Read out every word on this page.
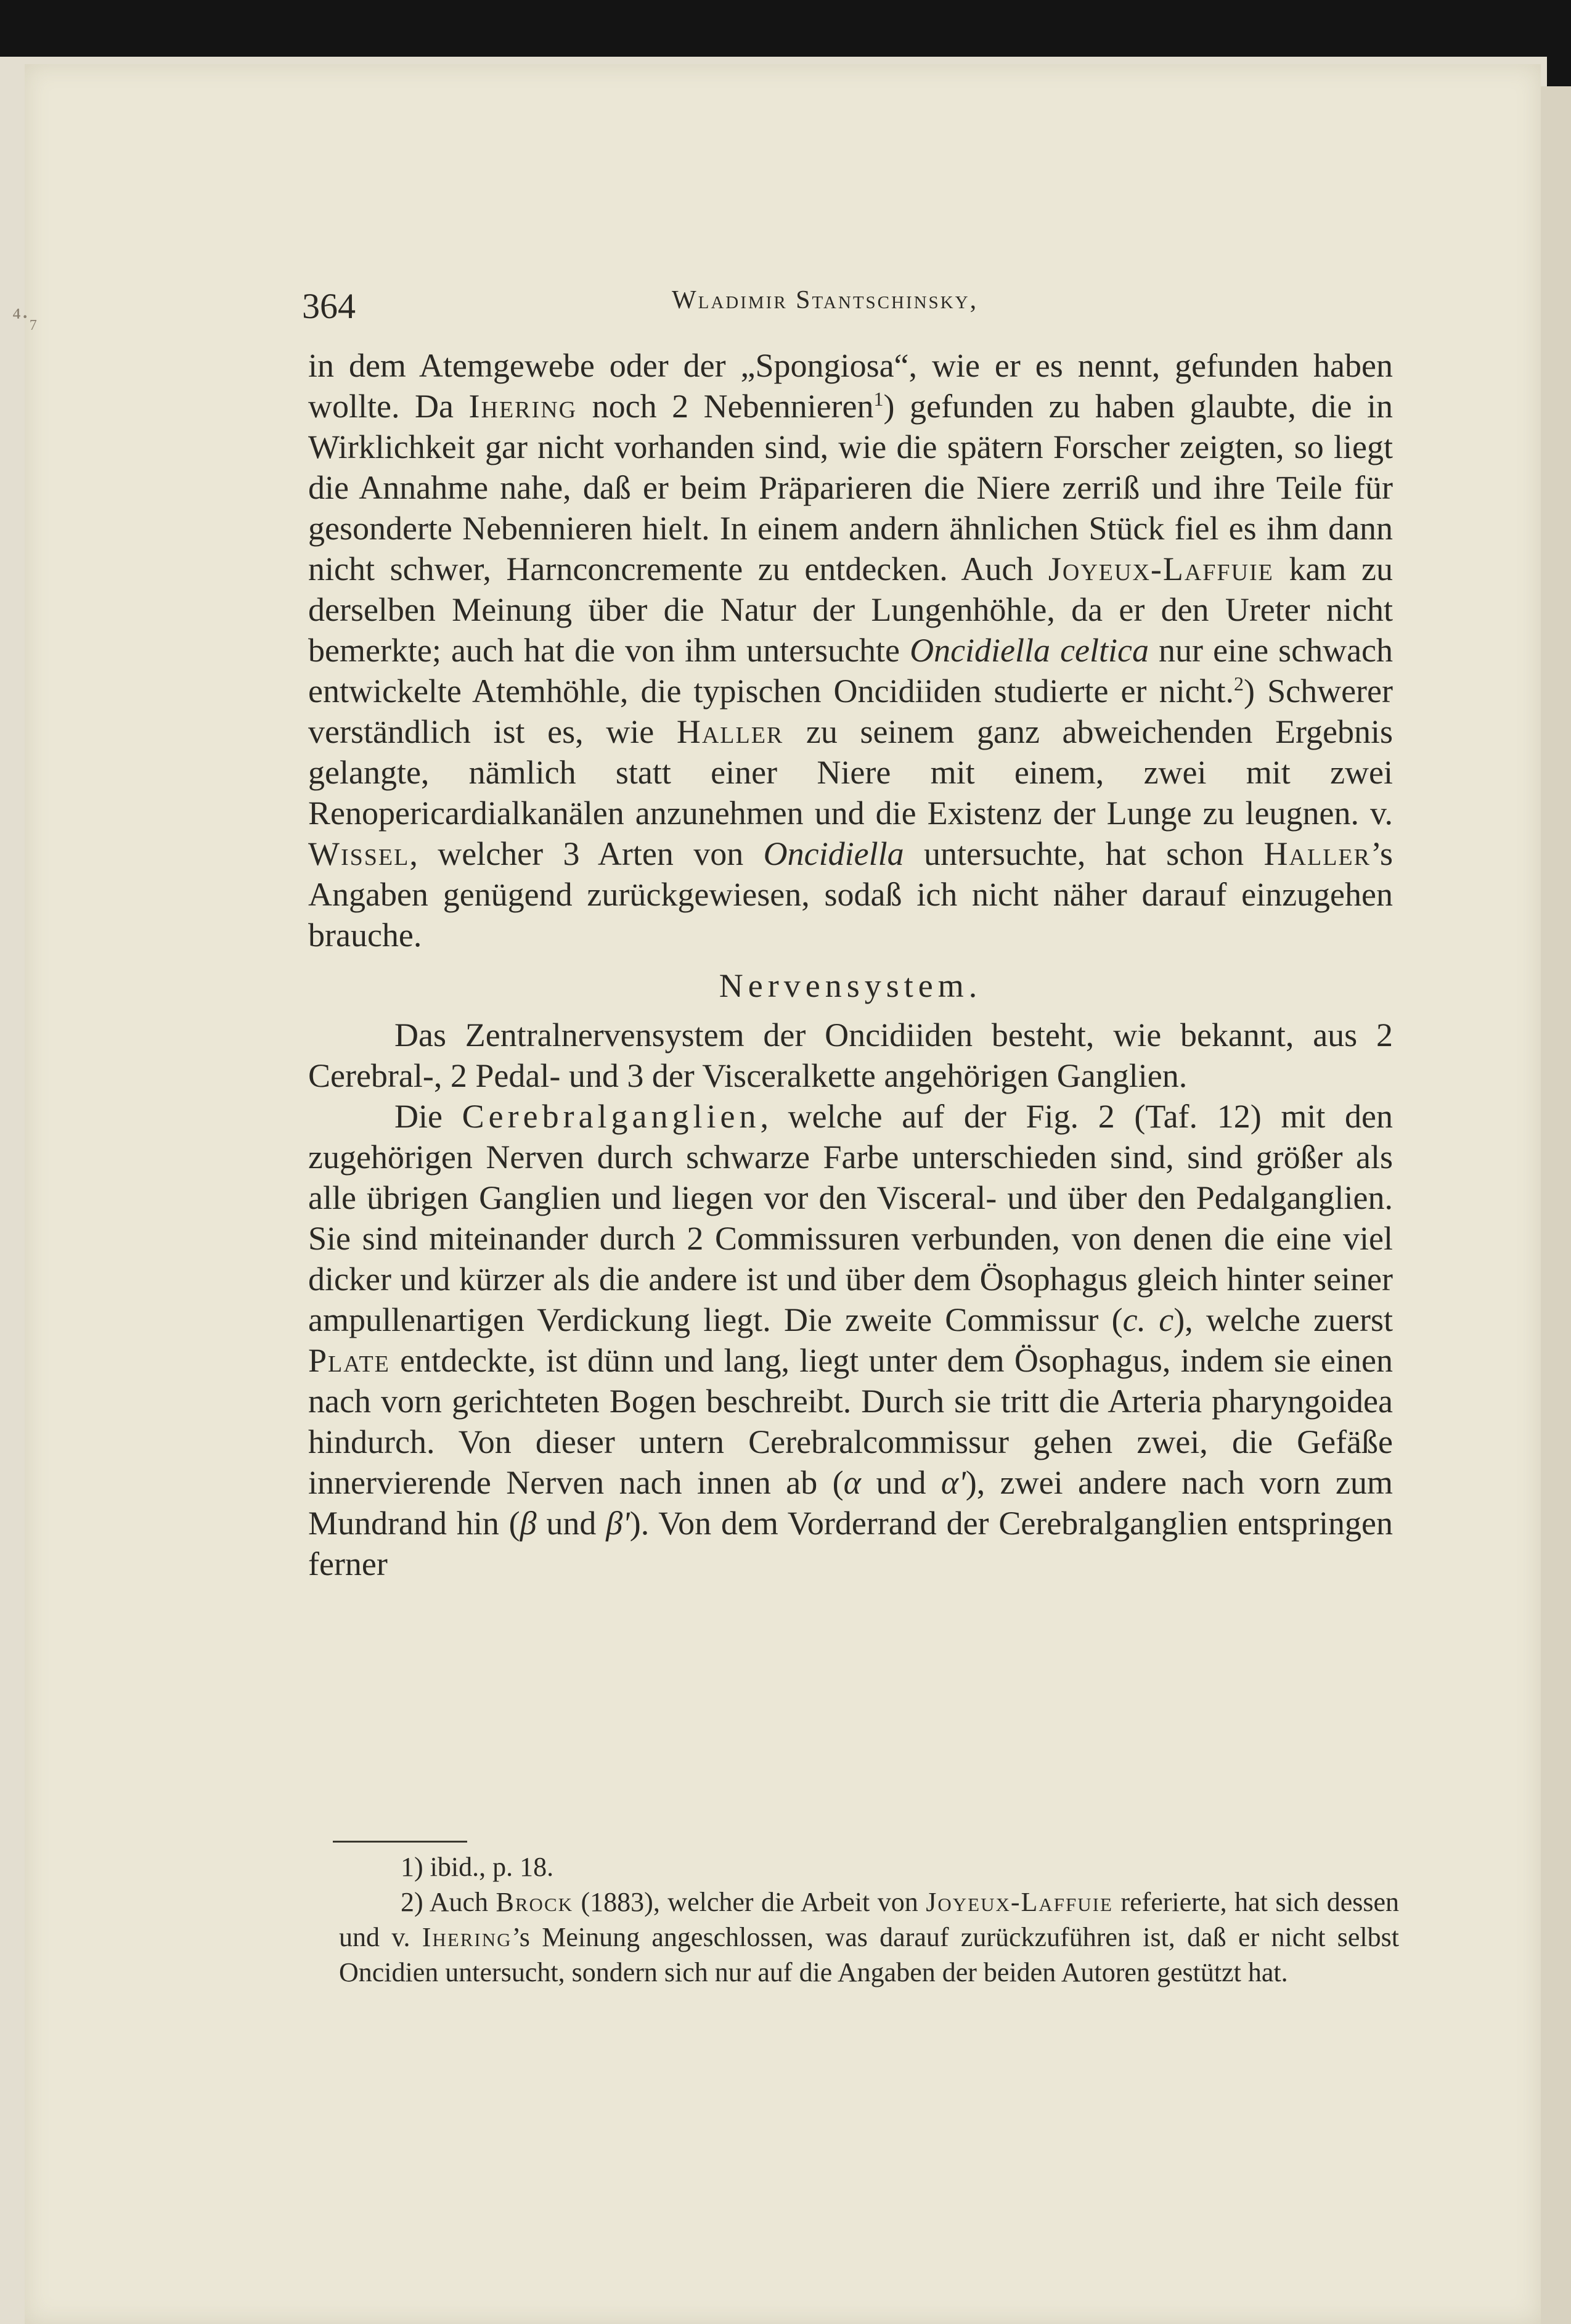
⁴·₇	364	Wladimir Stantschinsky,

in dem Atemgewebe oder der „Spongiosa“, wie er es nennt, gefunden haben wollte. Da Ihering noch 2 Nebennieren$^1$) gefunden zu haben glaubte, die in Wirklichkeit gar nicht vorhanden sind, wie die spätern Forscher zeigten, so liegt die Annahme nahe, daß er beim Präparieren die Niere zerriß und ihre Teile für gesonderte Nebennieren hielt. In einem andern ähnlichen Stück fiel es ihm dann nicht schwer, Harnconcremente zu entdecken. Auch Joyeux-Laffuie kam zu derselben Meinung über die Natur der Lungenhöhle, da er den Ureter nicht bemerkte; auch hat die von ihm untersuchte Oncidiella celtica nur eine schwach entwickelte Atemhöhle, die typischen Oncidiiden studierte er nicht.$^2$) Schwerer verständlich ist es, wie Haller zu seinem ganz abweichenden Ergebnis gelangte, nämlich statt einer Niere mit einem, zwei mit zwei Renopericardialkanälen anzunehmen und die Existenz der Lunge zu leugnen. v. Wissel, welcher 3 Arten von Oncidiella untersuchte, hat schon Haller’s Angaben genügend zurückgewiesen, sodaß ich nicht näher darauf einzugehen brauche.

Nervensystem.

Das Zentralnervensystem der Oncidiiden besteht, wie bekannt, aus 2 Cerebral-, 2 Pedal- und 3 der Visceralkette angehörigen Ganglien.

Die Cerebralganglien, welche auf der Fig. 2 (Taf. 12) mit den zugehörigen Nerven durch schwarze Farbe unterschieden sind, sind größer als alle übrigen Ganglien und liegen vor den Visceral- und über den Pedalganglien. Sie sind miteinander durch 2 Commissuren verbunden, von denen die eine viel dicker und kürzer als die andere ist und über dem Ösophagus gleich hinter seiner ampullenartigen Verdickung liegt. Die zweite Commissur (c. c), welche zuerst Plate entdeckte, ist dünn und lang, liegt unter dem Ösophagus, indem sie einen nach vorn gerichteten Bogen beschreibt. Durch sie tritt die Arteria pharyngoidea hindurch. Von dieser untern Cerebralcommissur gehen zwei, die Gefäße innervierende Nerven nach innen ab (α und α'), zwei andere nach vorn zum Mundrand hin (β und β'). Von dem Vorderrand der Cerebralganglien entspringen ferner

1) ibid., p. 18.

2) Auch Brock (1883), welcher die Arbeit von Joyeux-Laffuie referierte, hat sich dessen und v. Ihering’s Meinung angeschlossen, was darauf zurückzuführen ist, daß er nicht selbst Oncidien untersucht, sondern sich nur auf die Angaben der beiden Autoren gestützt hat.
